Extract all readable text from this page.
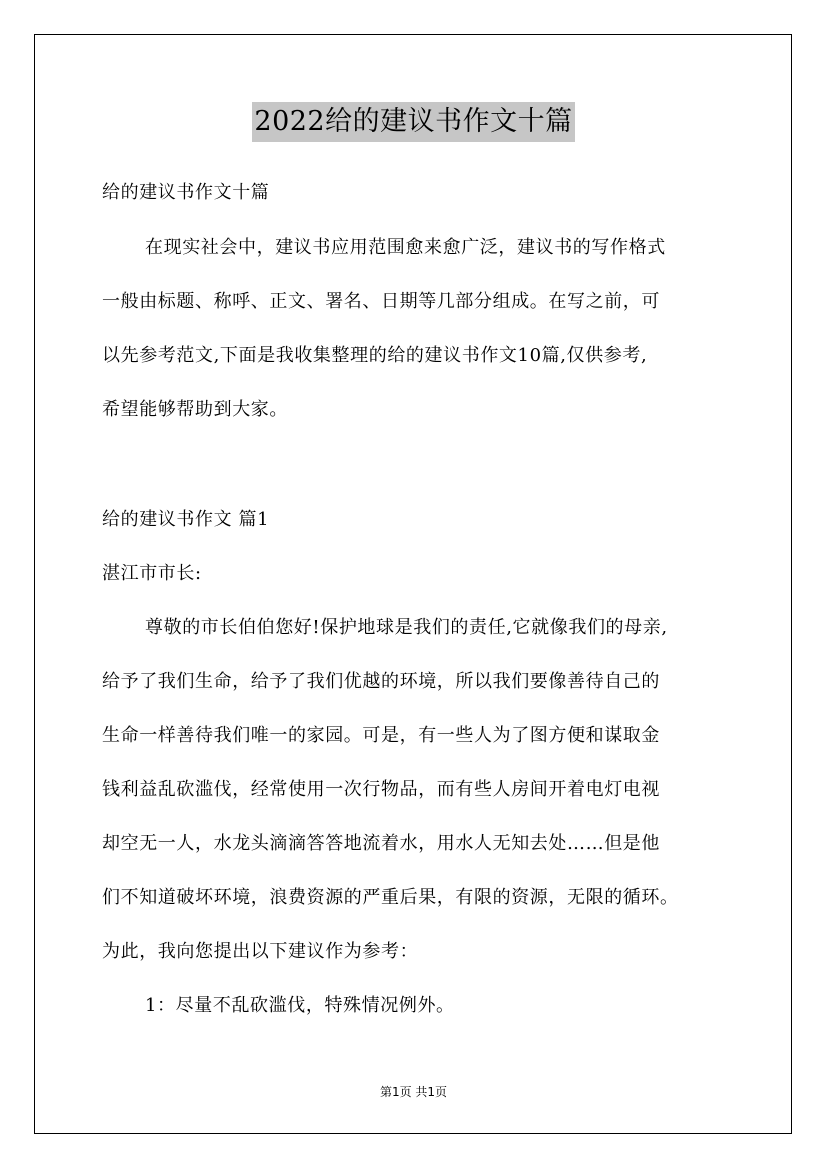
2022给的建议书作文十篇
给的建议书作文十篇
在现实社会中，建议书应用范围愈来愈广泛，建议书的写作格式
一般由标题、称呼、正文、署名、日期等几部分组成。在写之前，可
以先参考范文,下面是我收集整理的给的建议书作文10篇,仅供参考,
希望能够帮助到大家。
给的建议书作文 篇1
湛江市市长:
尊敬的市长伯伯您好!保护地球是我们的责任,它就像我们的母亲,
给予了我们生命，给予了我们优越的环境，所以我们要像善待自己的
生命一样善待我们唯一的家园。可是，有一些人为了图方便和谋取金
钱利益乱砍滥伐，经常使用一次行物品，而有些人房间开着电灯电视
却空无一人，水龙头滴滴答答地流着水，用水人无知去处……但是他
们不知道破坏环境，浪费资源的严重后果，有限的资源，无限的循环。
为此，我向您提出以下建议作为参考：
1：尽量不乱砍滥伐，特殊情况例外。
第1页 共1页
